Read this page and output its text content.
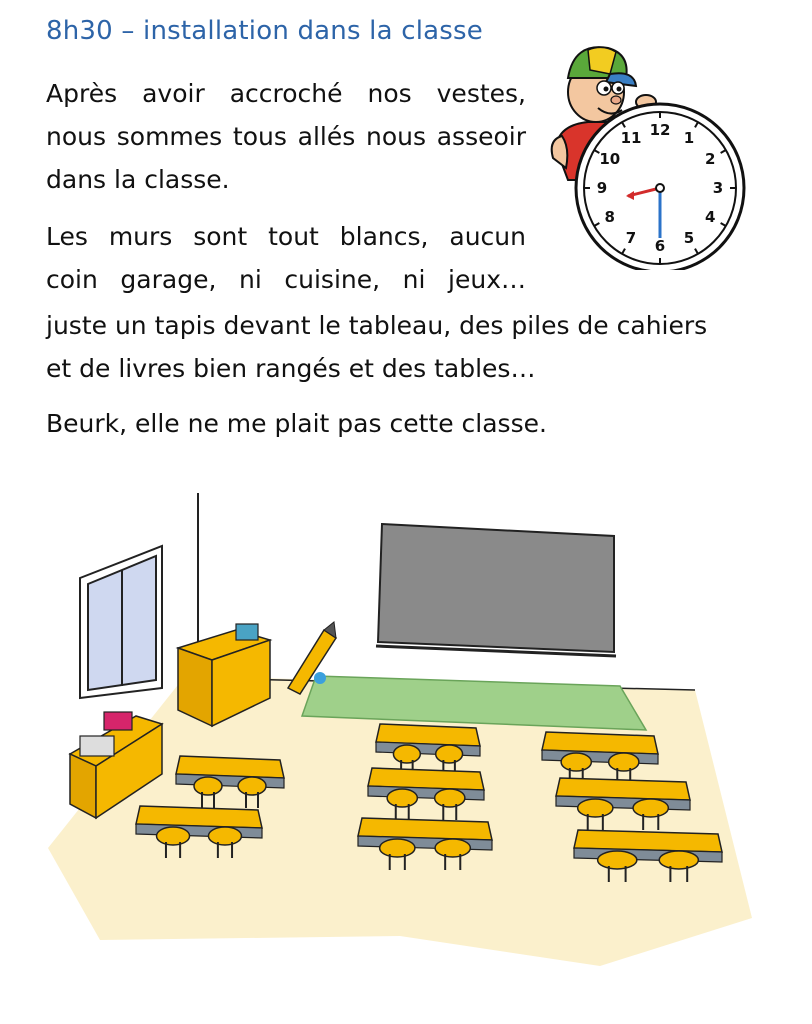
8h30 – installation dans la classe

Après avoir accroché nos vestes,
nous sommes tous allés nous asseoir
dans la classe.

Les murs sont tout blancs, aucun
coin garage, ni cuisine, ni jeux…

juste un tapis devant le tableau, des piles de cahiers
et de livres bien rangés et des tables…

Beurk, elle ne me plait pas cette classe.

12 1
2
3
4
5
6
7
8
9
10
11
